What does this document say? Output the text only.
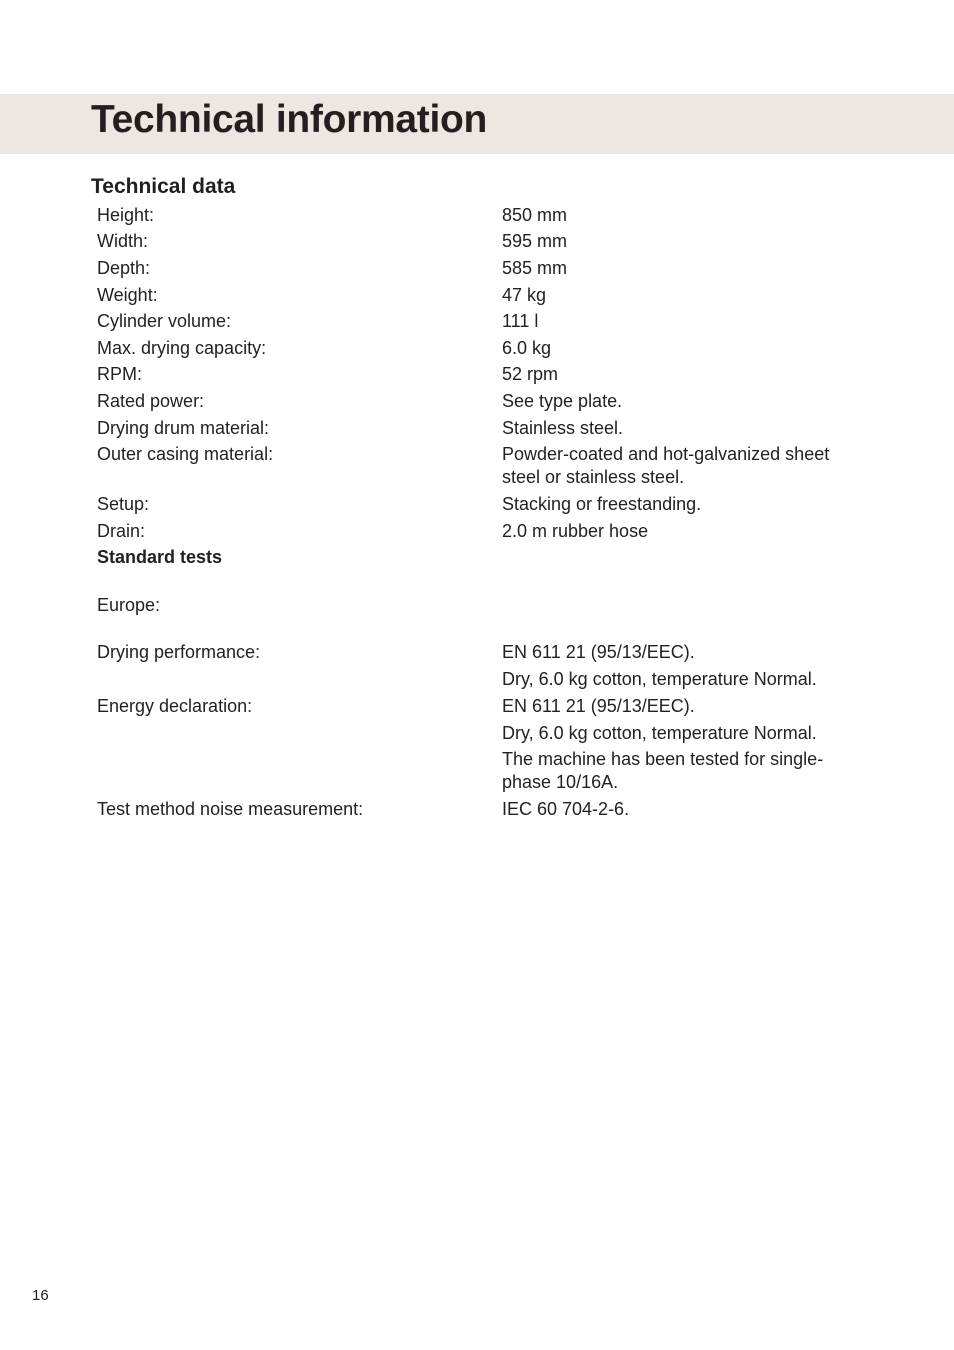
Technical information
Technical data
Height:	850 mm
Width:	595 mm
Depth:	585 mm
Weight:	47 kg
Cylinder volume:	111 l
Max. drying capacity:	6.0 kg
RPM:	52 rpm
Rated power:	See type plate.
Drying drum material:	Stainless steel.
Outer casing material:	Powder-coated and hot-galvanized sheet
steel or stainless steel.
Setup:	Stacking or freestanding.
Drain:	2.0 m rubber hose
Standard tests
Europe:
Drying performance:	EN 611 21 (95/13/EEC).
Dry, 6.0 kg cotton, temperature Normal.
Energy declaration:	EN 611 21 (95/13/EEC).
Dry, 6.0 kg cotton, temperature Normal.
The machine has been tested for single-
phase 10/16A.
Test method noise measurement:	IEC 60 704-2-6.
16
